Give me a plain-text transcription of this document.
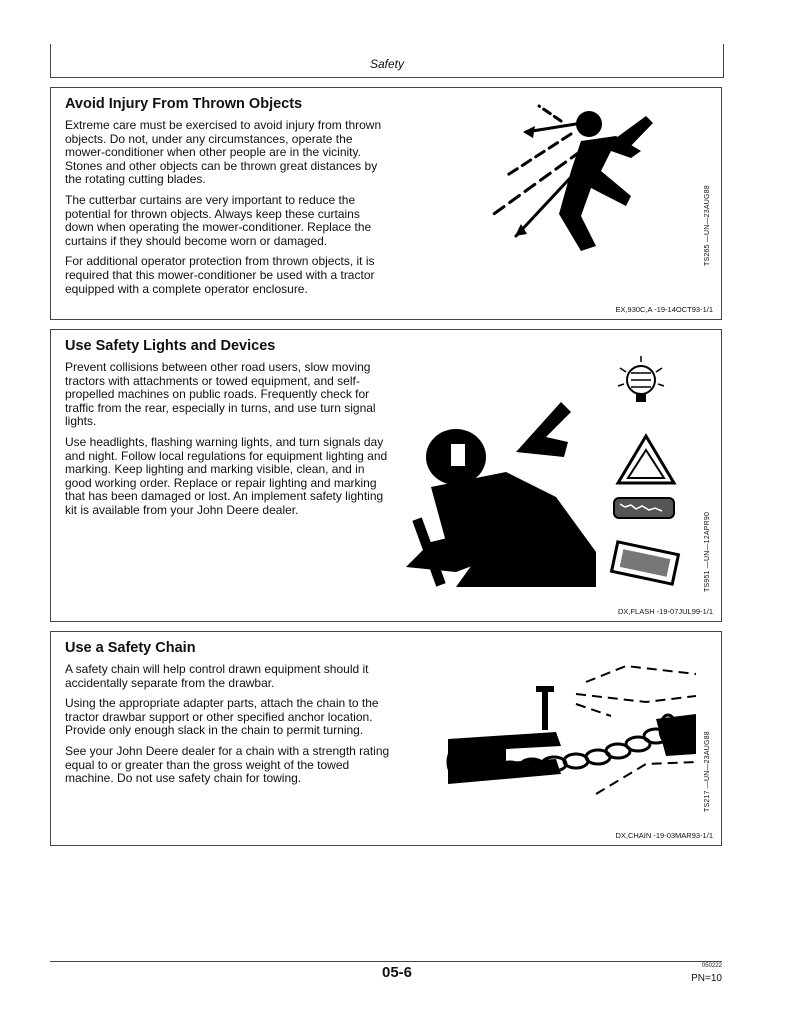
Safety
Avoid Injury From Thrown Objects

Extreme care must be exercised to avoid injury from thrown objects. Do not, under any circumstances, operate the mower-conditioner when other people are in the vicinity. Stones and other objects can be thrown great distances by the rotating cutting blades.

The cutterbar curtains are very important to reduce the potential for thrown objects. Always keep these curtains down when operating the mower-conditioner. Replace the curtains if they should become worn or damaged.

For additional operator protection from thrown objects, it is required that this mower-conditioner be used with a tractor equipped with a complete operator enclosure.

TS265 —UN—23AUG88
EX,930C,A -19-14OCT93-1/1
Use Safety Lights and Devices

Prevent collisions between other road users, slow moving tractors with attachments or towed equipment, and self-propelled machines on public roads. Frequently check for traffic from the rear, especially in turns, and use turn signal lights.

Use headlights, flashing warning lights, and turn signals day and night. Follow local regulations for equipment lighting and marking. Keep lighting and marking visible, clean, and in good working order. Replace or repair lighting and marking that has been damaged or lost. An implement safety lighting kit is available from your John Deere dealer.

TS951 —UN—12APR90
DX,FLASH -19-07JUL99-1/1
Use a Safety Chain

A safety chain will help control drawn equipment should it accidentally separate from the drawbar.

Using the appropriate adapter parts, attach the chain to the tractor drawbar support or other specified anchor location. Provide only enough slack in the chain to permit turning.

See your John Deere dealer for a chain with a strength rating equal to or greater than the gross weight of the towed machine. Do not use safety chain for towing.	TS217 —UN—23AUG88
DX,CHAIN -19-03MAR93-1/1
05-6	050222
PN=10
